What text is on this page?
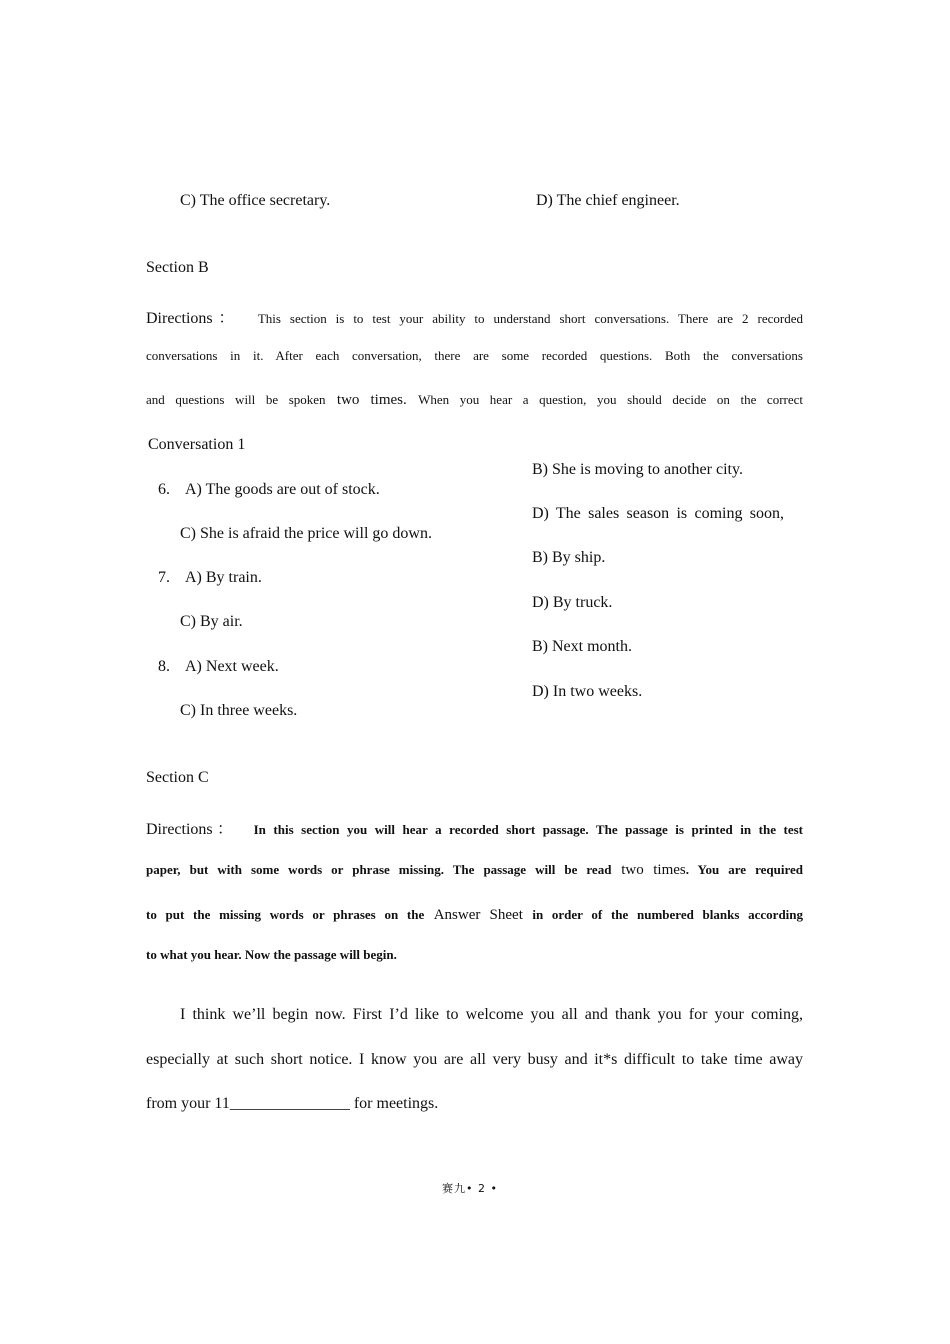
C) The office secretary.	D) The chief engineer.
Section B
Directions： This section is to test your ability to understand short conversations. There are 2 recorded
conversations in it. After each conversation, there are some recorded questions. Both the conversations
and questions will be spoken two times. When you hear a question, you should decide on the correct
Conversation 1
6. A) The goods are out of stock.
B) She is moving to another city.
C) She is afraid the price will go down.
D) The sales season is coming soon,
7. A) By train.
B) By ship.
C) By air.
D) By truck.
8. A) Next week.
B) Next month.
C) In three weeks.
D) In two weeks.
Section C
Directions： In this section you will hear a recorded short passage. The passage is printed in the test
paper, but with some words or phrase missing. The passage will be read two times. You are required
to put the missing words or phrases on the Answer Sheet in order of the numbered blanks according
to what you hear. Now the passage will begin.
I think we’ll begin now. First I’d like to welcome you all and thank you for your coming,
especially at such short notice. I know you are all very busy and it*s difficult to take time away
from your 11_______________ for meetings.
赛九• 2 •
